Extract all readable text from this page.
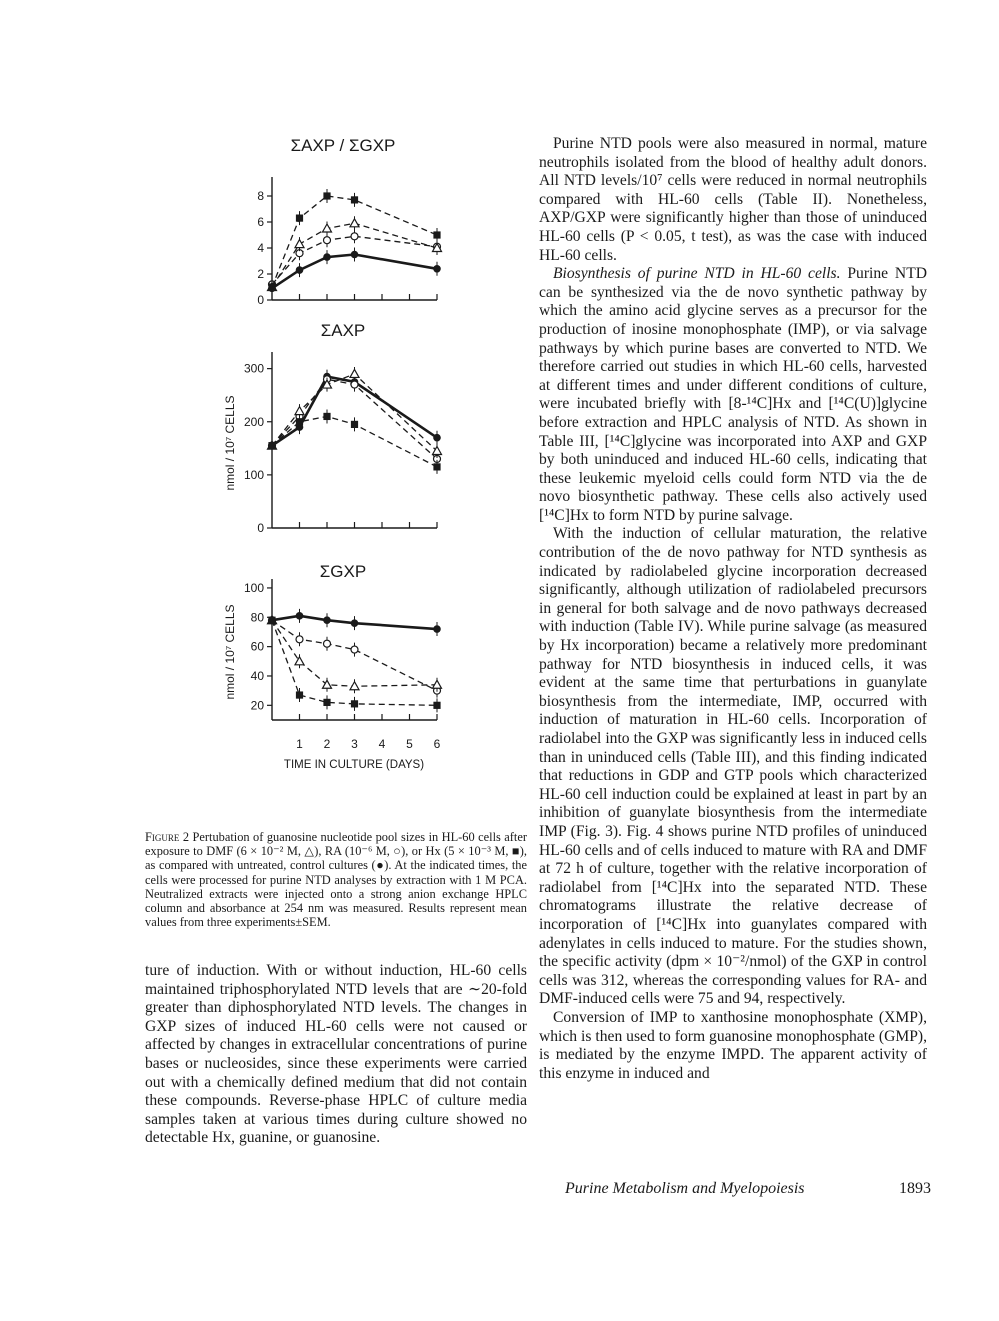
ΣAXP / ΣGXP
0
2
4
6
8
ΣAXP
0
100
200
300
nmol / 10⁷ CELLS
ΣGXP
20
40
60
80
100
nmol / 10⁷ CELLS
1 2 3 4 5 6
TIME IN CULTURE (DAYS)
Figure 2 Pertubation of guanosine nucleotide pool sizes in HL-60 cells after exposure to DMF (6 × 10⁻² M, △), RA (10⁻⁶ M, ○), or Hx (5 × 10⁻³ M, ■), as compared with untreated, control cultures (●). At the indicated times, the cells were processed for purine NTD analyses by extraction with 1 M PCA. Neutralized extracts were injected onto a strong anion exchange HPLC column and absorbance at 254 nm was measured. Results represent mean values from three experiments±SEM.

ture of induction. With or without induction, HL-60 cells maintained triphosphorylated NTD levels that are ∼20-fold greater than diphosphorylated NTD levels. The changes in GXP sizes of induced HL-60 cells were not caused or affected by changes in extracellular concentrations of purine bases or nucleosides, since these experiments were carried out with a chemically defined medium that did not contain these compounds. Reverse-phase HPLC of culture media samples taken at various times during culture showed no detectable Hx, guanine, or guanosine.

Purine NTD pools were also measured in normal, mature neutrophils isolated from the blood of healthy adult donors. All NTD levels/10⁷ cells were reduced in normal neutrophils compared with HL-60 cells (Table II). Nonetheless, AXP/GXP were significantly higher than those of uninduced HL-60 cells (P < 0.05, t test), as was the case with induced HL-60 cells.

Biosynthesis of purine NTD in HL-60 cells. Purine NTD can be synthesized via the de novo synthetic pathway by which the amino acid glycine serves as a precursor for the production of inosine monophosphate (IMP), or via salvage pathways by which purine bases are converted to NTD. We therefore carried out studies in which HL-60 cells, harvested at different times and under different conditions of culture, were incubated briefly with [8-¹⁴C]Hx and [¹⁴C(U)]glycine before extraction and HPLC analysis of NTD. As shown in Table III, [¹⁴C]glycine was incorporated into AXP and GXP by both uninduced and induced HL-60 cells, indicating that these leukemic myeloid cells could form NTD via the de novo biosynthetic pathway. These cells also actively used [¹⁴C]Hx to form NTD by purine salvage.

With the induction of cellular maturation, the relative contribution of the de novo pathway for NTD synthesis as indicated by radiolabeled glycine incorporation decreased significantly, although utilization of radiolabeled precursors in general for both salvage and de novo pathways decreased with induction (Table IV). While purine salvage (as measured by Hx incorporation) became a relatively more predominant pathway for NTD biosynthesis in induced cells, it was evident at the same time that perturbations in guanylate biosynthesis from the intermediate, IMP, occurred with induction of maturation in HL-60 cells. Incorporation of radiolabel into the GXP was significantly less in induced cells than in uninduced cells (Table III), and this finding indicated that reductions in GDP and GTP pools which characterized HL-60 cell induction could be explained at least in part by an inhibition of guanylate biosynthesis from the intermediate IMP (Fig. 3). Fig. 4 shows purine NTD profiles of uninduced HL-60 cells and of cells induced to mature with RA and DMF at 72 h of culture, together with the relative incorporation of radiolabel from [¹⁴C]Hx into the separated NTD. These chromatograms illustrate the relative decrease of incorporation of [¹⁴C]Hx into guanylates compared with adenylates in cells induced to mature. For the studies shown, the specific activity (dpm × 10⁻²/nmol) of the GXP in control cells was 312, whereas the corresponding values for RA- and DMF-induced cells were 75 and 94, respectively.

Conversion of IMP to xanthosine monophosphate (XMP), which is then used to form guanosine monophosphate (GMP), is mediated by the enzyme IMPD. The apparent activity of this enzyme in induced and

Purine Metabolism and Myelopoiesis	1893
